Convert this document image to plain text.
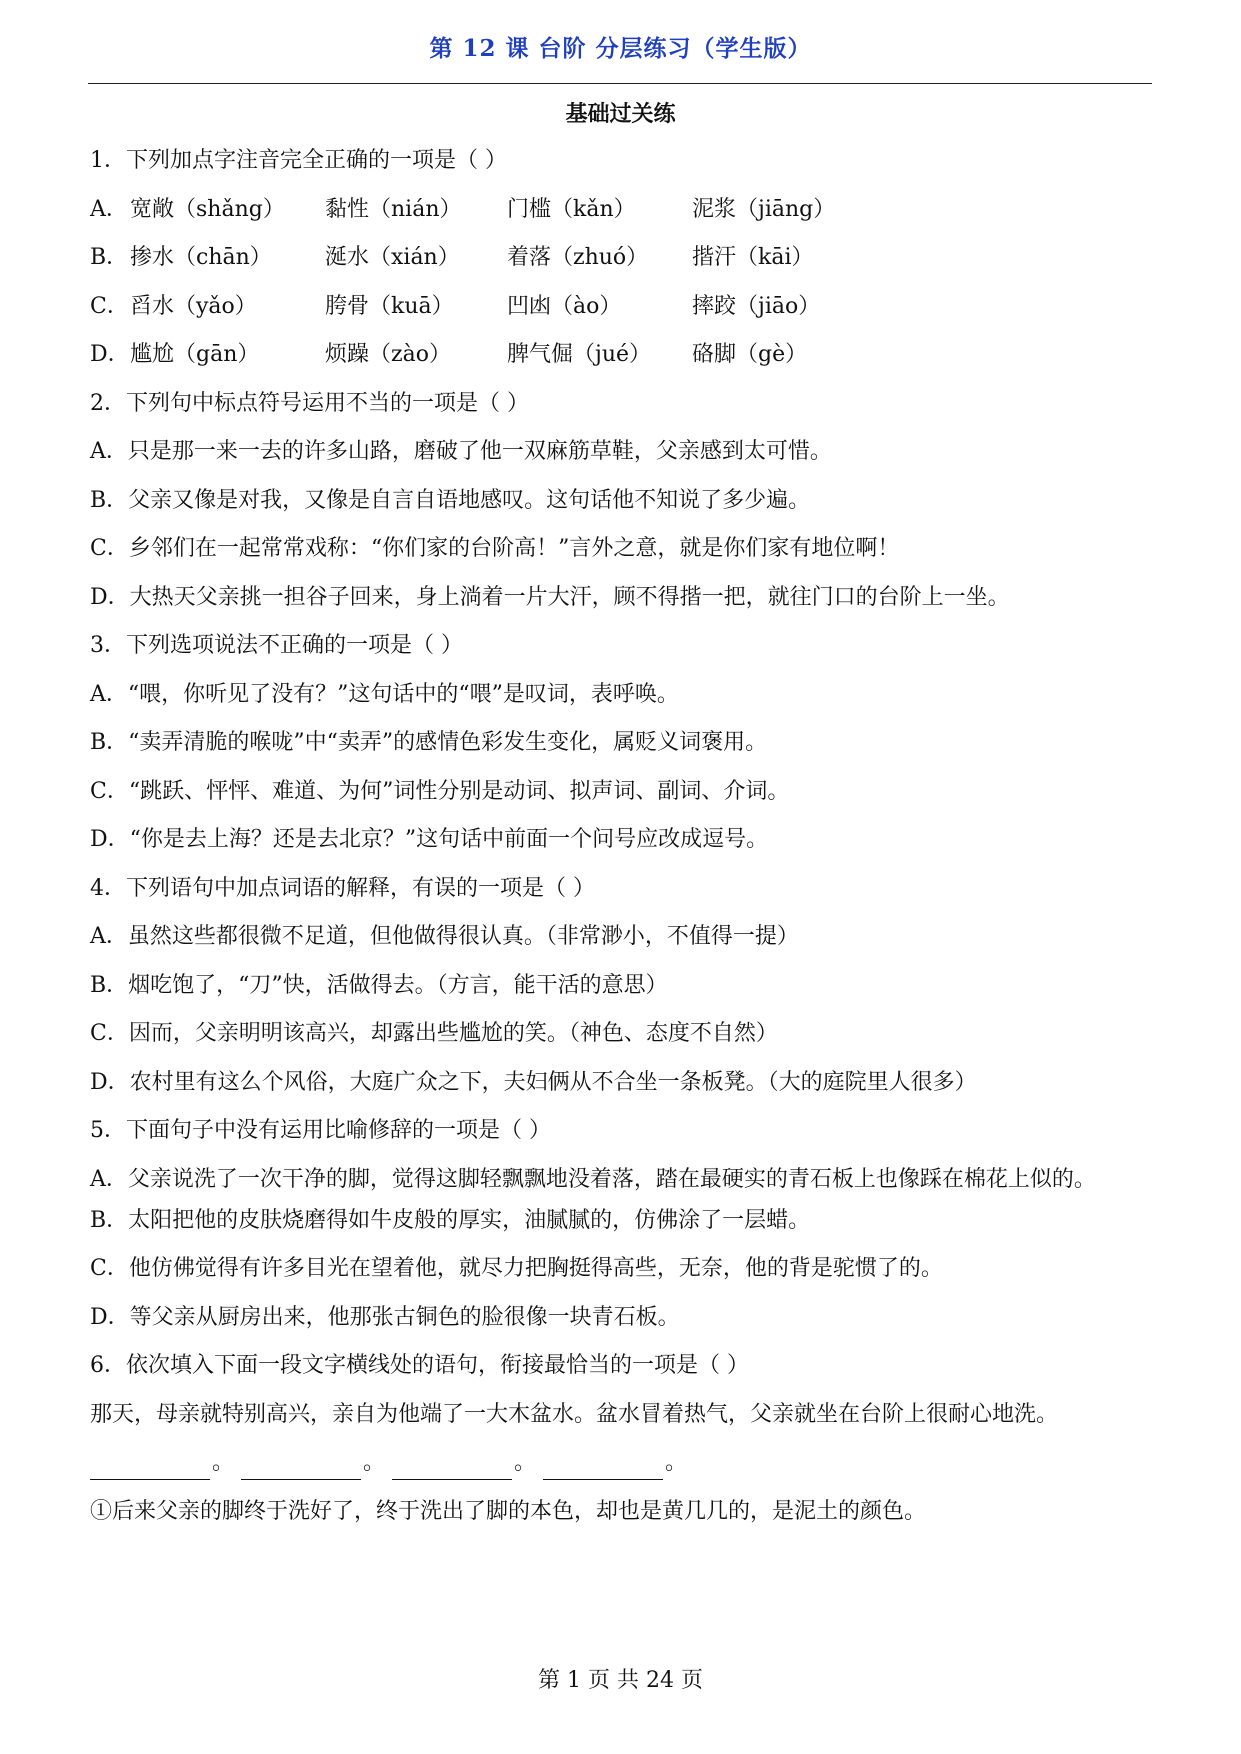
第 12 课 台阶 分层练习（学生版）
基础过关练
1．下列加点字注音完全正确的一项是（ ）
A． 宽敞（shǎng）	黏性（nián）	门槛（kǎn）	泥浆（jiāng）
B． 掺水（chān）	涎水（xián）	着落（zhuó）	揩汗（kāi）
C． 舀水（yǎo）	胯骨（kuā）	凹凼（ào）	摔跤（jiāo）
D． 尴尬（gān）	烦躁（zào）	脾气倔（jué）	硌脚（gè）
2．下列句中标点符号运用不当的一项是（ ）
A．只是那一来一去的许多山路，磨破了他一双麻筋草鞋，父亲感到太可惜。
B．父亲又像是对我，又像是自言自语地感叹。这句话他不知说了多少遍。
C．乡邻们在一起常常戏称：“你们家的台阶高！”言外之意，就是你们家有地位啊！
D．大热天父亲挑一担谷子回来，身上淌着一片大汗，顾不得揩一把，就往门口的台阶上一坐。
3．下列选项说法不正确的一项是（ ）
A．“喂，你听见了没有？”这句话中的“喂”是叹词，表呼唤。
B．“卖弄清脆的喉咙”中“卖弄”的感情色彩发生变化，属贬义词褒用。
C．“跳跃、怦怦、难道、为何”词性分别是动词、拟声词、副词、介词。
D．“你是去上海？还是去北京？”这句话中前面一个问号应改成逗号。
4．下列语句中加点词语的解释，有误的一项是（ ）
A．虽然这些都很微不足道，但他做得很认真。（非常渺小，不值得一提）
B．烟吃饱了，“刀”快，活做得去。（方言，能干活的意思）
C．因而，父亲明明该高兴，却露出些尴尬的笑。（神色、态度不自然）
D．农村里有这么个风俗，大庭广众之下，夫妇俩从不合坐一条板凳。（大的庭院里人很多）
5．下面句子中没有运用比喻修辞的一项是（ ）
A．父亲说洗了一次干净的脚，觉得这脚轻飘飘地没着落，踏在最硬实的青石板上也像踩在棉花上似的。
B．太阳把他的皮肤烧磨得如牛皮般的厚实，油腻腻的，仿佛涂了一层蜡。
C．他仿佛觉得有许多目光在望着他，就尽力把胸挺得高些，无奈，他的背是驼惯了的。
D．等父亲从厨房出来，他那张古铜色的脸很像一块青石板。
6．依次填入下面一段文字横线处的语句，衔接最恰当的一项是（ ）
那天，母亲就特别高兴，亲自为他端了一大木盆水。盆水冒着热气，父亲就坐在台阶上很耐心地洗。
。	。	。	。
①后来父亲的脚终于洗好了，终于洗出了脚的本色，却也是黄几几的，是泥土的颜色。
第 1 页 共 24 页
